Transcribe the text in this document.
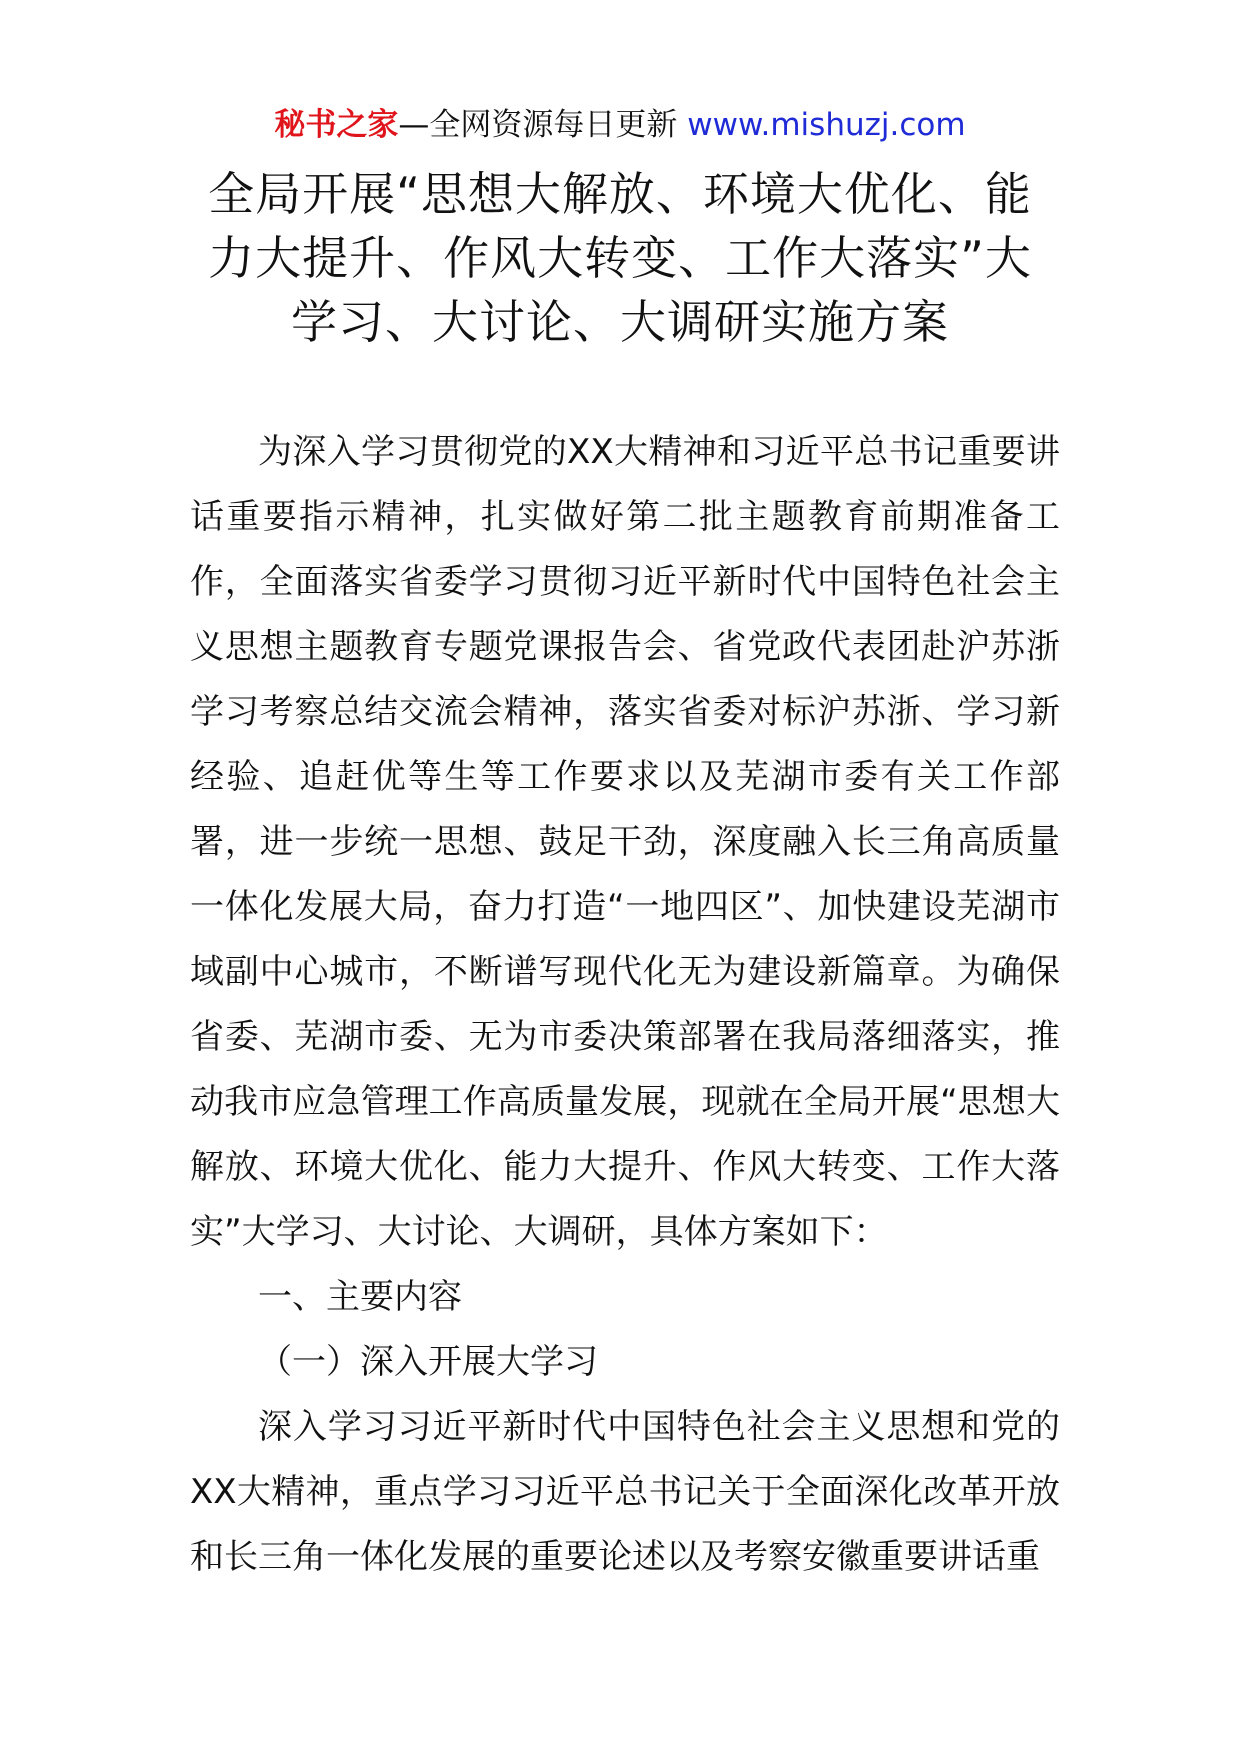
秘书之家—全网资源每日更新 www.mishuzj.com
全局开展“思想大解放、环境大优化、能力大提升、作风大转变、工作大落实”大学习、大讨论、大调研实施方案

为深入学习贯彻党的XX大精神和习近平总书记重要讲话重要指示精神，扎实做好第二批主题教育前期准备工作，全面落实省委学习贯彻习近平新时代中国特色社会主义思想主题教育专题党课报告会、省党政代表团赴沪苏浙学习考察总结交流会精神，落实省委对标沪苏浙、学习新经验、追赶优等生等工作要求以及芜湖市委有关工作部署，进一步统一思想、鼓足干劲，深度融入长三角高质量一体化发展大局，奋力打造“一地四区”、加快建设芜湖市域副中心城市，不断谱写现代化无为建设新篇章。为确保省委、芜湖市委、无为市委决策部署在我局落细落实，推动我市应急管理工作高质量发展，现就在全局开展“思想大解放、环境大优化、能力大提升、作风大转变、工作大落实”大学习、大讨论、大调研，具体方案如下：

一、主要内容

（一）深入开展大学习

深入学习习近平新时代中国特色社会主义思想和党的XX大精神，重点学习习近平总书记关于全面深化改革开放和长三角一体化发展的重要论述以及考察安徽重要讲话重
